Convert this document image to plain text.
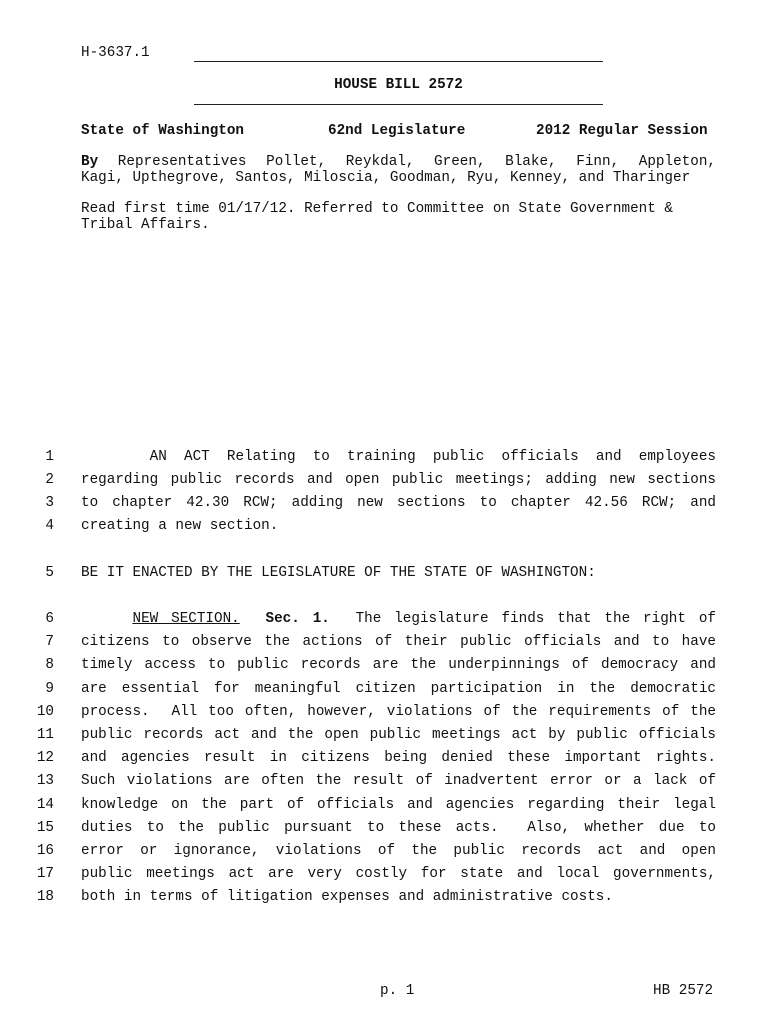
H-3637.1
HOUSE BILL 2572
State of Washington	62nd Legislature	2012 Regular Session
By Representatives Pollet, Reykdal, Green, Blake, Finn, Appleton,
Kagi, Upthegrove, Santos, Miloscia, Goodman, Ryu, Kenney, and Tharinger
Read first time 01/17/12. Referred to Committee on State Government &
Tribal Affairs.
1 AN ACT Relating to training public officials and employees
2 regarding public records and open public meetings; adding new sections
3 to chapter 42.30 RCW; adding new sections to chapter 42.56 RCW; and
4 creating a new section.
5 BE IT ENACTED BY THE LEGISLATURE OF THE STATE OF WASHINGTON:
6	NEW SECTION. Sec. 1.  The legislature finds that the right of
7 citizens to observe the actions of their public officials and to have
8 timely access to public records are the underpinnings of democracy and
9 are essential for meaningful citizen participation in the democratic
10 process.  All too often, however, violations of the requirements of the
11 public records act and the open public meetings act by public officials
12 and agencies result in citizens being denied these important rights.
13 Such violations are often the result of inadvertent error or a lack of
14 knowledge on the part of officials and agencies regarding their legal
15 duties to the public pursuant to these acts.  Also, whether due to
16 error or ignorance, violations of the public records act and open
17 public meetings act are very costly for state and local governments,
18 both in terms of litigation expenses and administrative costs.
p. 1	HB 2572
